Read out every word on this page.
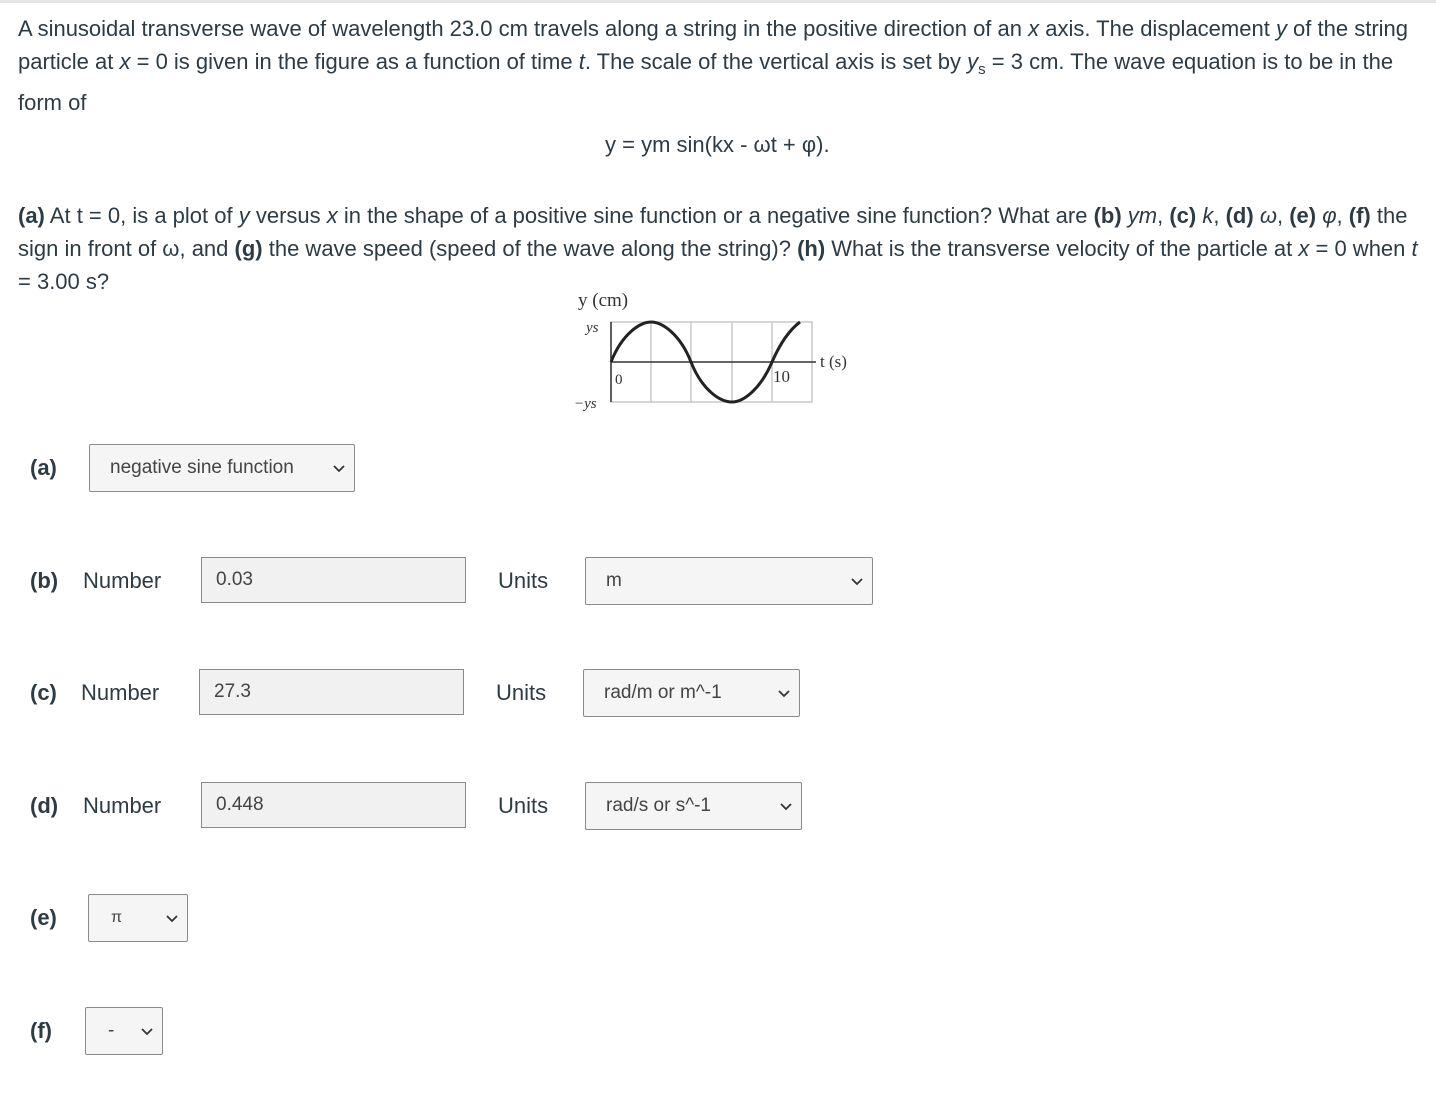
A sinusoidal transverse wave of wavelength 23.0 cm travels along a string in the positive direction of an x axis. The displacement y of the string particle at x = 0 is given in the figure as a function of time t. The scale of the vertical axis is set by $y_s = 3$ cm. The wave equation is to be in the form of

y = ym sin(kx - ωt + φ).

(a) At t = 0, is a plot of y versus x in the shape of a positive sine function or a negative sine function? What are (b) ym, (c) k, (d) ω, (e) φ, (f) the sign in front of ω, and (g) the wave speed (speed of the wave along the string)? (h) What is the transverse velocity of the particle at x = 0 when t = 3.00 s?

y (cm)
ys
−ys
0	10
t (s)
(a)	negative sine function
(b) Number	0.03	Units	m
(c) Number	27.3	Units	rad/m or m^-1
(d) Number	0.448	Units	rad/s or s^-1
(e)	π
(f)	-
